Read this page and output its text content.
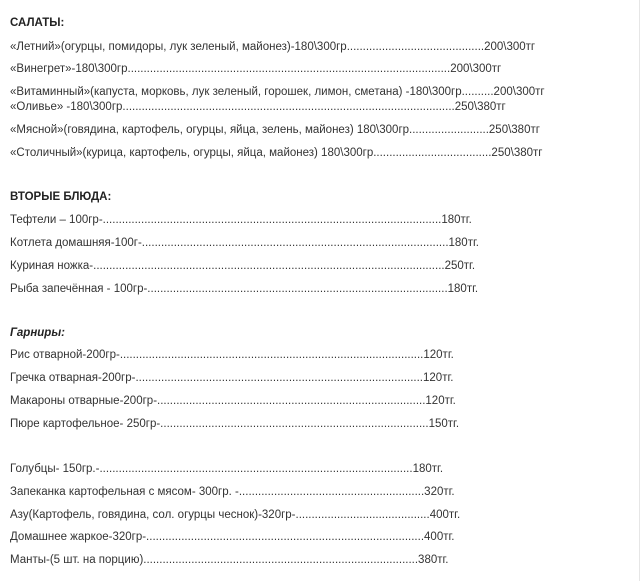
САЛАТЫ:
«Летний»(огурцы, помидоры, лук зеленый, майонез)-180\300гр...........................................200\300тг
«Винегрет»-180\300гр.....................................................................................................200\300тг
«Витаминный»(капуста, морковь, лук зеленый, горошек, лимон, сметана) -180\300гр..........200\300тг
«Оливье» -180\300гр........................................................................................................250\380тг
«Мясной»(говядина, картофель, огурцы, яйца, зелень, майонез) 180\300гр.........................250\380тг
«Столичный»(курица, картофель, огурцы, яйца, майонез) 180\300гр.....................................250\380тг
ВТОРЫЕ БЛЮДА:
Тефтели – 100гр-..........................................................................................................180тг.
Котлета домашняя-100г-................................................................................................180тг.
Куриная ножка-..............................................................................................................250тг.
Рыба запечённая - 100гр-..............................................................................................180тг.
Гарниры:
Рис отварной-200гр-...............................................................................................120тг.
Гречка отварная-200гр-..........................................................................................120тг.
Макароны отварные-200гр-....................................................................................120тг.
Пюре картофельное- 250гр-....................................................................................150тг.
Голубцы- 150гр.-..................................................................................................180тг.
Запеканка картофельная с мясом- 300гр. -..........................................................320тг.
Азу(Картофель, говядина, сол. огурцы чеснок)-320гр-..........................................400тг.
Домашнее жаркое-320гр-.......................................................................................400тг.
Манты-(5 шт. на порцию)......................................................................................380тг.
